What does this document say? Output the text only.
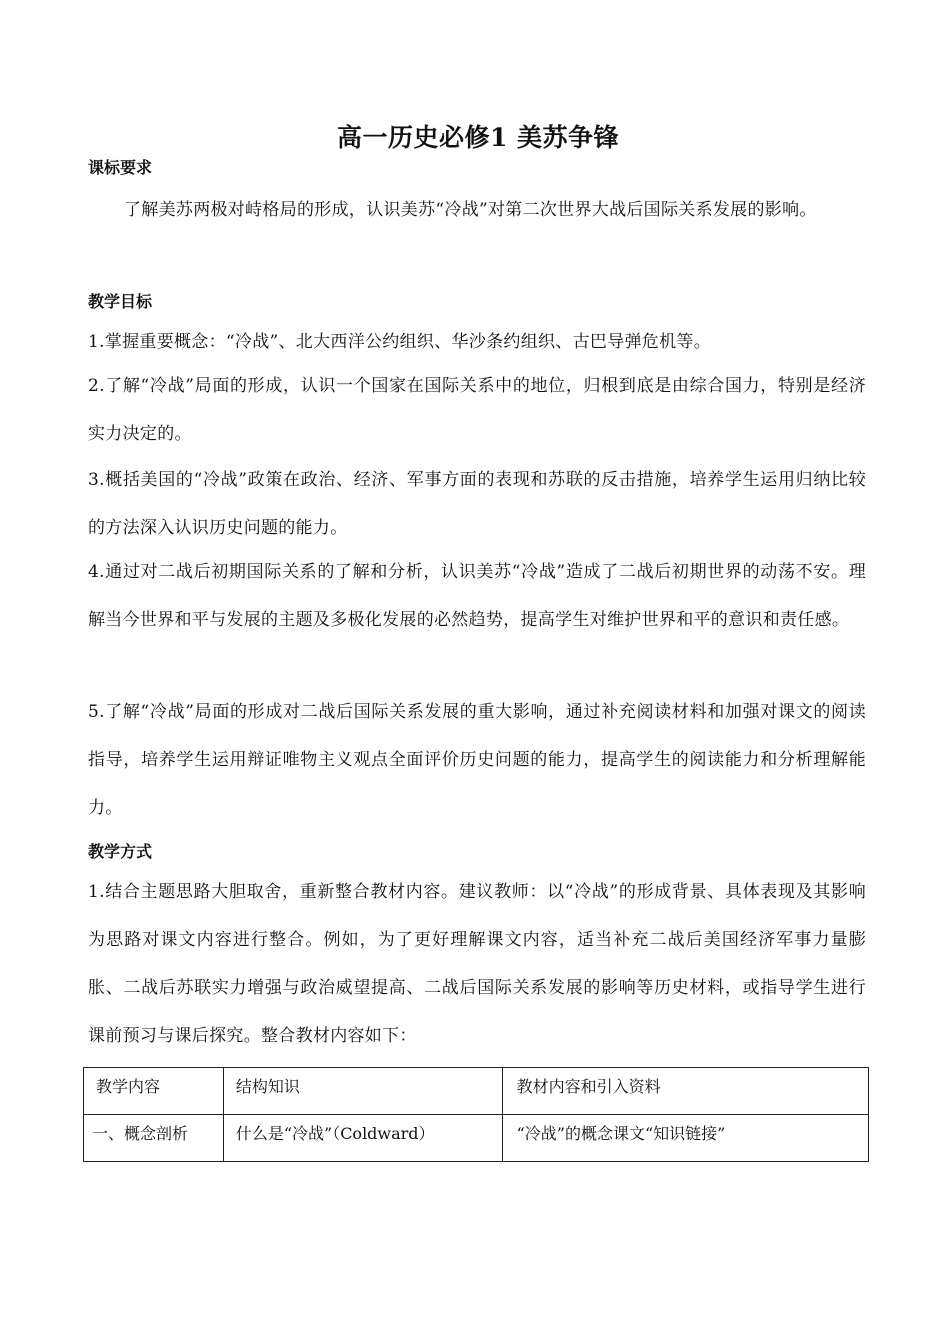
高一历史必修1 美苏争锋
课标要求
了解美苏两极对峙格局的形成，认识美苏“冷战”对第二次世界大战后国际关系发展的影响。
教学目标
1.掌握重要概念：“冷战”、北大西洋公约组织、华沙条约组织、古巴导弹危机等。
2.了解“冷战”局面的形成，认识一个国家在国际关系中的地位，归根到底是由综合国力，特别是经济实力决定的。
3.概括美国的“冷战”政策在政治、经济、军事方面的表现和苏联的反击措施，培养学生运用归纳比较的方法深入认识历史问题的能力。
4.通过对二战后初期国际关系的了解和分析，认识美苏“冷战”造成了二战后初期世界的动荡不安。理解当今世界和平与发展的主题及多极化发展的必然趋势，提高学生对维护世界和平的意识和责任感。
5.了解“冷战”局面的形成对二战后国际关系发展的重大影响，通过补充阅读材料和加强对课文的阅读指导，培养学生运用辩证唯物主义观点全面评价历史问题的能力，提高学生的阅读能力和分析理解能力。
教学方式
1.结合主题思路大胆取舍，重新整合教材内容。建议教师：以“冷战”的形成背景、具体表现及其影响为思路对课文内容进行整合。例如，为了更好理解课文内容，适当补充二战后美国经济军事力量膨胀、二战后苏联实力增强与政治威望提高、二战后国际关系发展的影响等历史材料，或指导学生进行课前预习与课后探究。整合教材内容如下：
教学内容	结构知识	教材内容和引入资料
一、概念剖析	什么是“冷战”（Coldward）	“冷战”的概念课文“知识链接”
